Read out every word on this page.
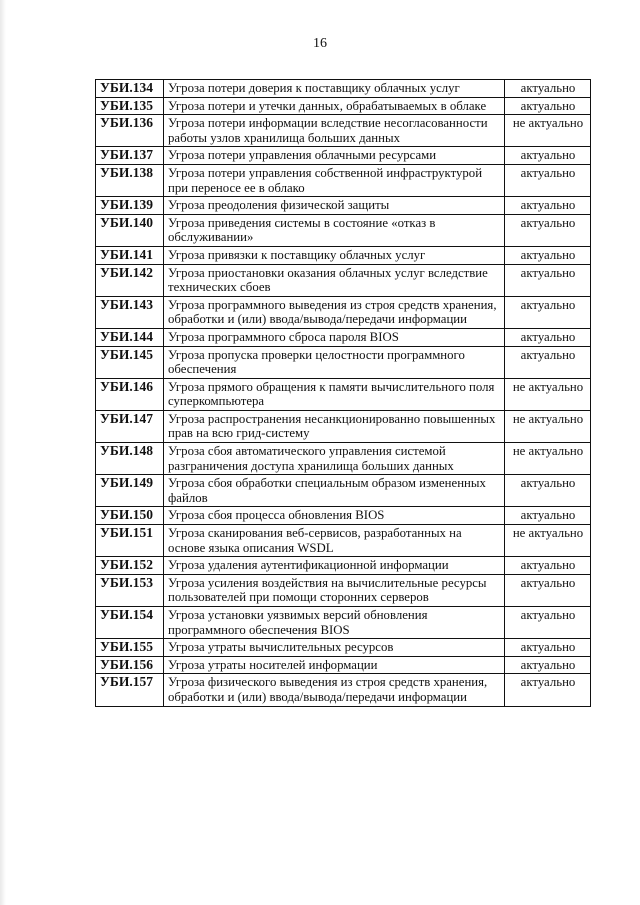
16
УБИ.134	Угроза потери доверия к поставщику облачных услуг	актуально
УБИ.135	Угроза потери и утечки данных, обрабатываемых в облаке	актуально
УБИ.136	Угроза потери информации вследствие несогласованности работы узлов хранилища больших данных	не актуально
УБИ.137	Угроза потери управления облачными ресурсами	актуально
УБИ.138	Угроза потери управления собственной инфраструктурой при переносе ее в облако	актуально
УБИ.139	Угроза преодоления физической защиты	актуально
УБИ.140	Угроза приведения системы в состояние «отказ в обслуживании»	актуально
УБИ.141	Угроза привязки к поставщику облачных услуг	актуально
УБИ.142	Угроза приостановки оказания облачных услуг вследствие технических сбоев	актуально
УБИ.143	Угроза программного выведения из строя средств хранения, обработки и (или) ввода/вывода/передачи информации	актуально
УБИ.144	Угроза программного сброса пароля BIOS	актуально
УБИ.145	Угроза пропуска проверки целостности программного обеспечения	актуально
УБИ.146	Угроза прямого обращения к памяти вычислительного поля суперкомпьютера	не актуально
УБИ.147	Угроза распространения несанкционированно повышенных прав на всю грид-систему	не актуально
УБИ.148	Угроза сбоя автоматического управления системой разграничения доступа хранилища больших данных	не актуально
УБИ.149	Угроза сбоя обработки специальным образом измененных файлов	актуально
УБИ.150	Угроза сбоя процесса обновления BIOS	актуально
УБИ.151	Угроза сканирования веб-сервисов, разработанных на основе языка описания WSDL	не актуально
УБИ.152	Угроза удаления аутентификационной информации	актуально
УБИ.153	Угроза усиления воздействия на вычислительные ресурсы пользователей при помощи сторонних серверов	актуально
УБИ.154	Угроза установки уязвимых версий обновления программного обеспечения BIOS	актуально
УБИ.155	Угроза утраты вычислительных ресурсов	актуально
УБИ.156	Угроза утраты носителей информации	актуально
УБИ.157	Угроза физического выведения из строя средств хранения, обработки и (или) ввода/вывода/передачи информации	актуально
